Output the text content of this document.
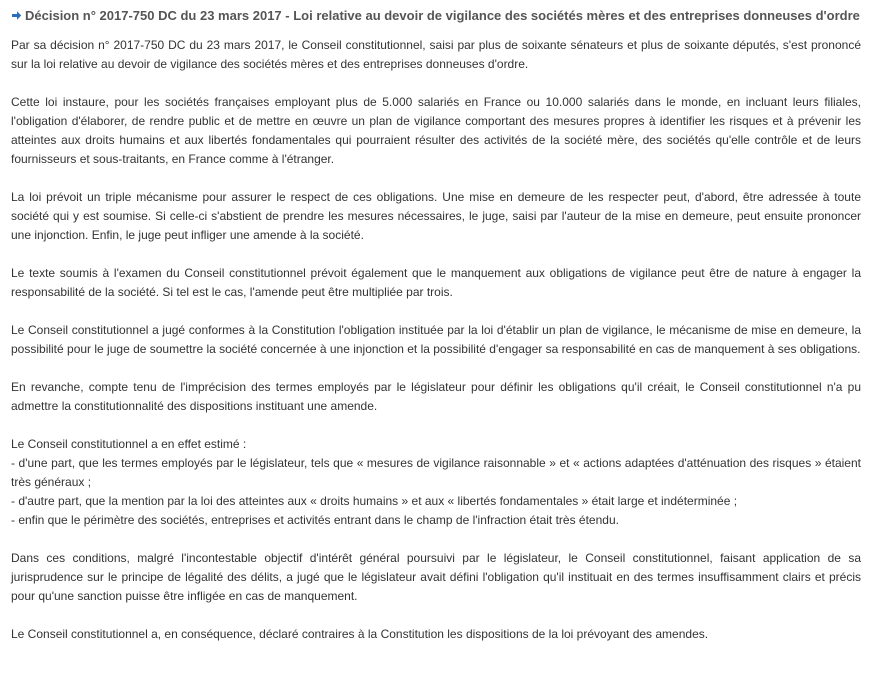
Décision n° 2017-750 DC du 23 mars 2017 - Loi relative au devoir de vigilance des sociétés mères et des entreprises donneuses d'ordre

Par sa décision n° 2017-750 DC du 23 mars 2017, le Conseil constitutionnel, saisi par plus de soixante sénateurs et plus de soixante députés, s'est prononcé sur la loi relative au devoir de vigilance des sociétés mères et des entreprises donneuses d'ordre.

Cette loi instaure, pour les sociétés françaises employant plus de 5.000 salariés en France ou 10.000 salariés dans le monde, en incluant leurs filiales, l'obligation d'élaborer, de rendre public et de mettre en œuvre un plan de vigilance comportant des mesures propres à identifier les risques et à prévenir les atteintes aux droits humains et aux libertés fondamentales qui pourraient résulter des activités de la société mère, des sociétés qu'elle contrôle et de leurs fournisseurs et sous-traitants, en France comme à l'étranger.

La loi prévoit un triple mécanisme pour assurer le respect de ces obligations. Une mise en demeure de les respecter peut, d'abord, être adressée à toute société qui y est soumise. Si celle-ci s'abstient de prendre les mesures nécessaires, le juge, saisi par l'auteur de la mise en demeure, peut ensuite prononcer une injonction. Enfin, le juge peut infliger une amende à la société.

Le texte soumis à l'examen du Conseil constitutionnel prévoit également que le manquement aux obligations de vigilance peut être de nature à engager la responsabilité de la société. Si tel est le cas, l'amende peut être multipliée par trois.

Le Conseil constitutionnel a jugé conformes à la Constitution l'obligation instituée par la loi d'établir un plan de vigilance, le mécanisme de mise en demeure, la possibilité pour le juge de soumettre la société concernée à une injonction et la possibilité d'engager sa responsabilité en cas de manquement à ses obligations.

En revanche, compte tenu de l'imprécision des termes employés par le législateur pour définir les obligations qu'il créait, le Conseil constitutionnel n'a pu admettre la constitutionnalité des dispositions instituant une amende.

Le Conseil constitutionnel a en effet estimé :
- d'une part, que les termes employés par le législateur, tels que « mesures de vigilance raisonnable » et « actions adaptées d'atténuation des risques » étaient très généraux ;
- d'autre part, que la mention par la loi des atteintes aux « droits humains » et aux « libertés fondamentales » était large et indéterminée ;
- enfin que le périmètre des sociétés, entreprises et activités entrant dans le champ de l'infraction était très étendu.

Dans ces conditions, malgré l'incontestable objectif d'intérêt général poursuivi par le législateur, le Conseil constitutionnel, faisant application de sa jurisprudence sur le principe de légalité des délits, a jugé que le législateur avait défini l'obligation qu'il instituait en des termes insuffisamment clairs et précis pour qu'une sanction puisse être infligée en cas de manquement.

Le Conseil constitutionnel a, en conséquence, déclaré contraires à la Constitution les dispositions de la loi prévoyant des amendes.
